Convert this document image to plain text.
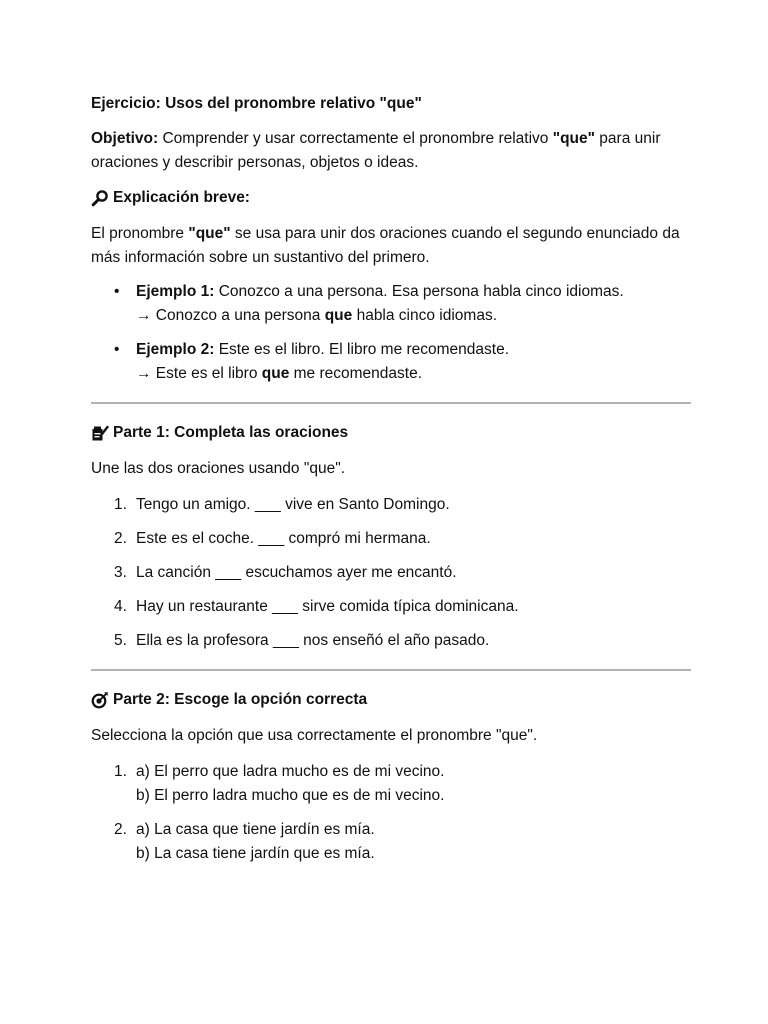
Ejercicio: Usos del pronombre relativo "que"

Objetivo: Comprender y usar correctamente el pronombre relativo "que" para unir oraciones y describir personas, objetos o ideas.

Explicación breve:

El pronombre "que" se usa para unir dos oraciones cuando el segundo enunciado da más información sobre un sustantivo del primero.

• Ejemplo 1: Conozco a una persona. Esa persona habla cinco idiomas.
→ Conozco a una persona que habla cinco idiomas.
• Ejemplo 2: Este es el libro. El libro me recomendaste.
→ Este es el libro que me recomendaste.

Parte 1: Completa las oraciones

Une las dos oraciones usando "que".

1. Tengo un amigo. ___ vive en Santo Domingo.
2. Este es el coche. ___ compró mi hermana.
3. La canción ___ escuchamos ayer me encantó.
4. Hay un restaurante ___ sirve comida típica dominicana.
5. Ella es la profesora ___ nos enseñó el año pasado.

Parte 2: Escoge la opción correcta

Selecciona la opción que usa correctamente el pronombre "que".

1. a) El perro que ladra mucho es de mi vecino.
b) El perro ladra mucho que es de mi vecino.
2. a) La casa que tiene jardín es mía.
b) La casa tiene jardín que es mía.
